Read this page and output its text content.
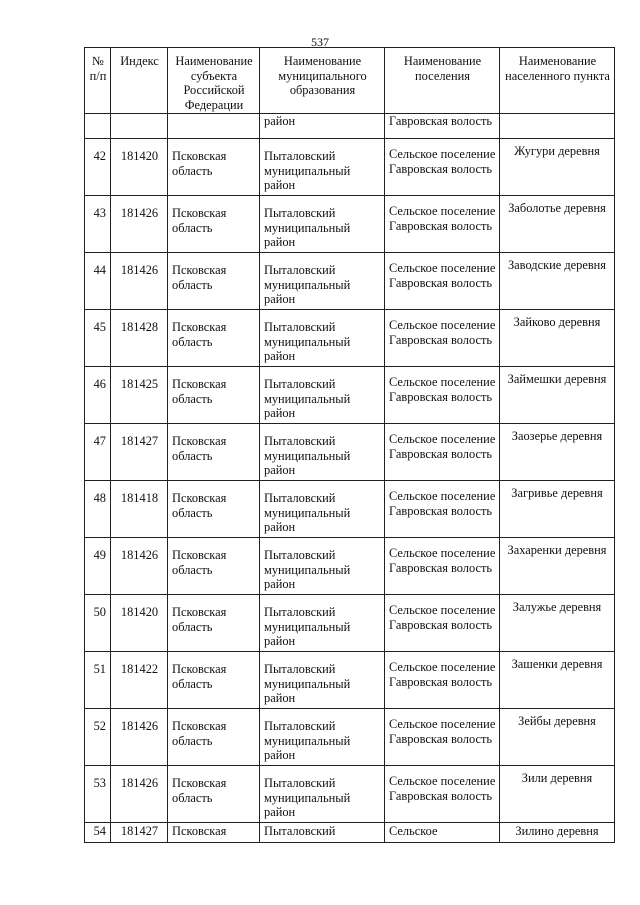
537
№ п/п	Индекс	Наименование субъекта Российской Федерации	Наименование муниципального образования	Наименование поселения	Наименование населенного пункта
			район	Гавровская волость	
42	181420	Псковская область	Пыталовский муниципальный район	Сельское поселение Гавровская волость	Жугури деревня
43	181426	Псковская область	Пыталовский муниципальный район	Сельское поселение Гавровская волость	Заболотье деревня
44	181426	Псковская область	Пыталовский муниципальный район	Сельское поселение Гавровская волость	Заводские деревня
45	181428	Псковская область	Пыталовский муниципальный район	Сельское поселение Гавровская волость	Зайково деревня
46	181425	Псковская область	Пыталовский муниципальный район	Сельское поселение Гавровская волость	Займешки деревня
47	181427	Псковская область	Пыталовский муниципальный район	Сельское поселение Гавровская волость	Заозерье деревня
48	181418	Псковская область	Пыталовский муниципальный район	Сельское поселение Гавровская волость	Загривье деревня
49	181426	Псковская область	Пыталовский муниципальный район	Сельское поселение Гавровская волость	Захаренки деревня
50	181420	Псковская область	Пыталовский муниципальный район	Сельское поселение Гавровская волость	Залужье деревня
51	181422	Псковская область	Пыталовский муниципальный район	Сельское поселение Гавровская волость	Зашенки деревня
52	181426	Псковская область	Пыталовский муниципальный район	Сельское поселение Гавровская волость	Зейбы деревня
53	181426	Псковская область	Пыталовский муниципальный район	Сельское поселение Гавровская волость	Зили деревня
54	181427	Псковская	Пыталовский	Сельское	Зилино деревня
